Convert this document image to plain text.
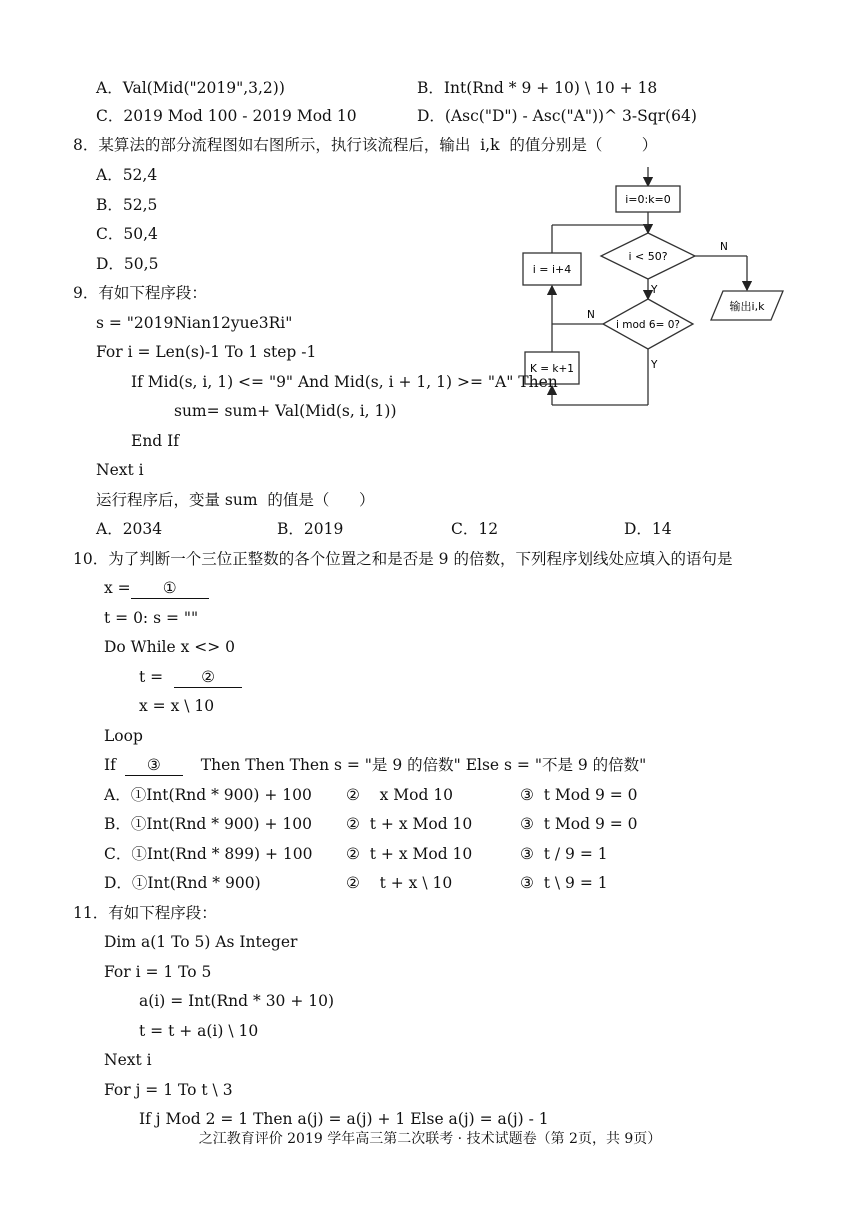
A．Val(Mid("2019",3,2))	B．Int(Rnd * 9 + 10) \ 10 + 18
C．2019 Mod 100 - 2019 Mod 10	D．(Asc("D") - Asc("A"))^ 3-Sqr(64)
8．某算法的部分流程图如右图所示，执行该流程后，输出  i,k  的值分别是（        ）
A．52,4
B．52,5
C．50,4
D．50,5
i=0:k=0
i < 50?
i mod 6= 0?
i = i+4
K = k+1
输出i,k
N
Y
N
Y
9．有如下程序段：
s = "2019Nian12yue3Ri"
For i = Len(s)-1 To 1 step -1
If Mid(s, i, 1) <= "9" And Mid(s, i + 1, 1) >= "A" Then
sum= sum+ Val(Mid(s, i, 1))
End If
Next i
运行程序后，变量 sum  的值是（      ）
A．2034	B．2019	C．12	D．14
10．为了判断一个三位正整数的各个位置之和是否是 9 的倍数，下列程序划线处应填入的语句是
x = ①
t = 0: s = ""
Do While x <> 0
t = ②
x = x \ 10
Loop
If ③	Then Then Then s = "是 9 的倍数" Else s = "不是 9 的倍数"
A．①Int(Rnd * 900) + 100 ②    x Mod 10	③  t Mod 9 = 0
B．①Int(Rnd * 900) + 100 ②  t + x Mod 10	③  t Mod 9 = 0
C．①Int(Rnd * 899) + 100 ②  t + x Mod 10	③  t / 9 = 1
D．①Int(Rnd * 900)	②    t + x \ 10	③  t \ 9 = 1
11．有如下程序段：
Dim a(1 To 5) As Integer
For i = 1 To 5
a(i) = Int(Rnd * 30 + 10)
t = t + a(i) \ 10
Next i
For j = 1 To t \ 3
If j Mod 2 = 1 Then a(j) = a(j) + 1 Else a(j) = a(j) - 1
之江教育评价 2019 学年高三第二次联考 · 技术试题卷（第 2页，共 9页）
